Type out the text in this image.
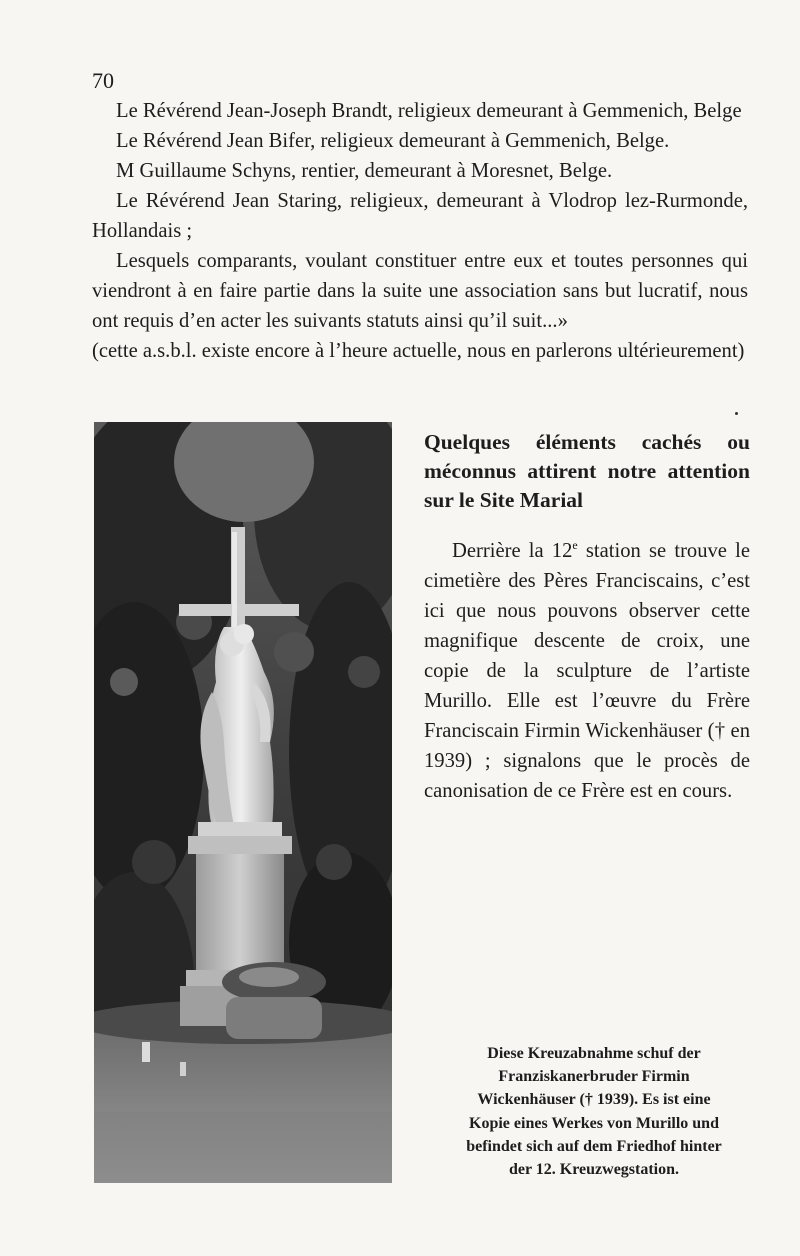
70

Le Révérend Jean-Joseph Brandt, religieux demeurant à Gemmenich, Belge

Le Révérend Jean Bifer, religieux demeurant à Gemmenich, Belge.

M Guillaume Schyns, rentier, demeurant à Moresnet, Belge.

Le Révérend Jean Staring, religieux, demeurant à Vlodrop lez-Rurmonde, Hollandais ;

Lesquels comparants, voulant constituer entre eux et toutes personnes qui viendront à en faire partie dans la suite une association sans but lucratif, nous ont requis d’en acter les suivants statuts ainsi qu’il suit...»

(cette a.s.b.l. existe encore à l’heure actuelle, nous en parlerons ultérieurement)

Quelques éléments cachés ou méconnus attirent notre attention sur le Site Marial

Derrière la 12e station se trouve le cimetière des Pères Franciscains, c’est ici que nous pouvons observer cette magnifique descente de croix, une copie de la sculpture de l’artiste Murillo. Elle est l’œuvre du Frère Franciscain Firmin Wickenhäuser († en 1939) ; signalons que le procès de canonisation de ce Frère est en cours.

Diese Kreuzabnahme schuf der
Franziskanerbruder Firmin
Wickenhäuser († 1939). Es ist eine
Kopie eines Werkes von Murillo und
befindet sich auf dem Friedhof hinter
der 12. Kreuzwegstation.
